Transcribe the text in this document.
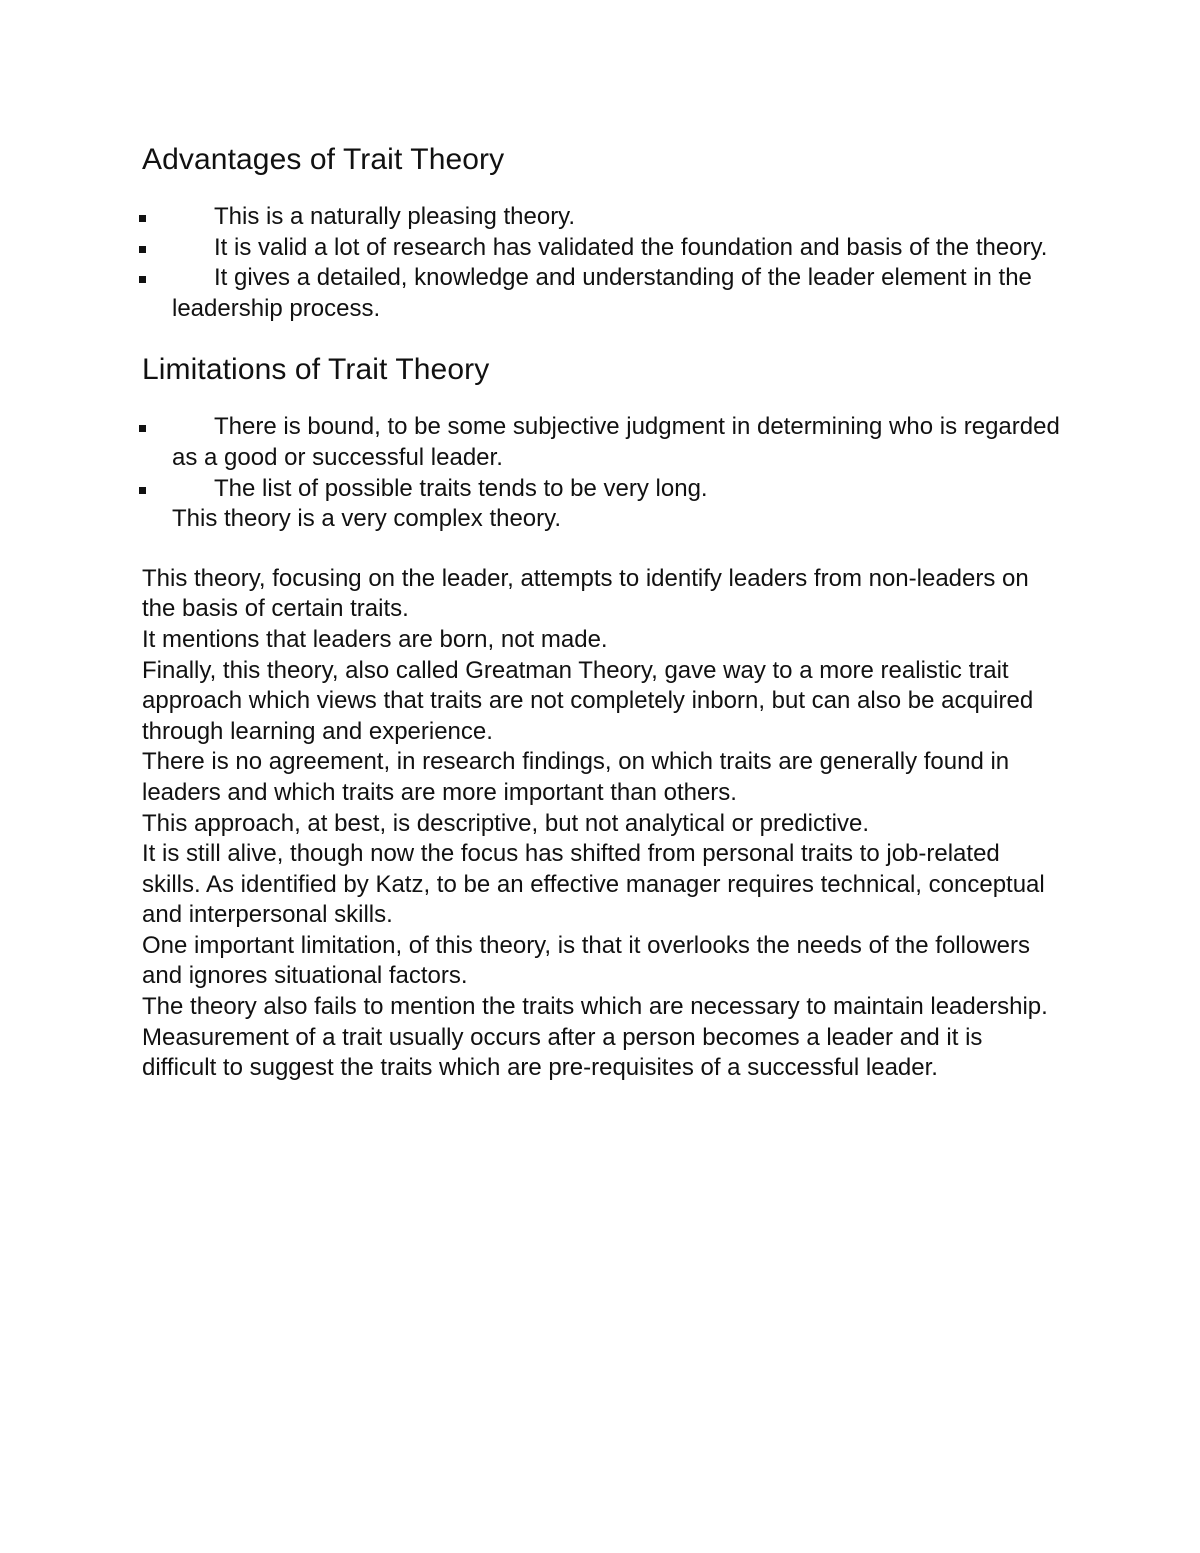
Advantages of Trait Theory
This is a naturally pleasing theory.
It is valid a lot of research has validated the foundation and basis of the theory.
It gives a detailed, knowledge and understanding of the leader element in the leadership process.
Limitations of Trait Theory
There is bound, to be some subjective judgment in determining who is regarded as a good or successful leader.
The list of possible traits tends to be very long.

This theory is a very complex theory.

This theory, focusing on the leader, attempts to identify leaders from non-leaders on the basis of certain traits.

It mentions that leaders are born, not made.

Finally, this theory, also called Greatman Theory, gave way to a more realistic trait approach which views that traits are not completely inborn, but can also be acquired through learning and experience.

There is no agreement, in research findings, on which traits are generally found in leaders and which traits are more important than others.

This approach, at best, is descriptive, but not analytical or predictive.

It is still alive, though now the focus has shifted from personal traits to job-related skills. As identified by Katz, to be an effective manager requires technical, conceptual and interpersonal skills.

One important limitation, of this theory, is that it overlooks the needs of the followers and ignores situational factors.

The theory also fails to mention the traits which are necessary to maintain leadership.

Measurement of a trait usually occurs after a person becomes a leader and it is difficult to suggest the traits which are pre-requisites of a successful leader.
